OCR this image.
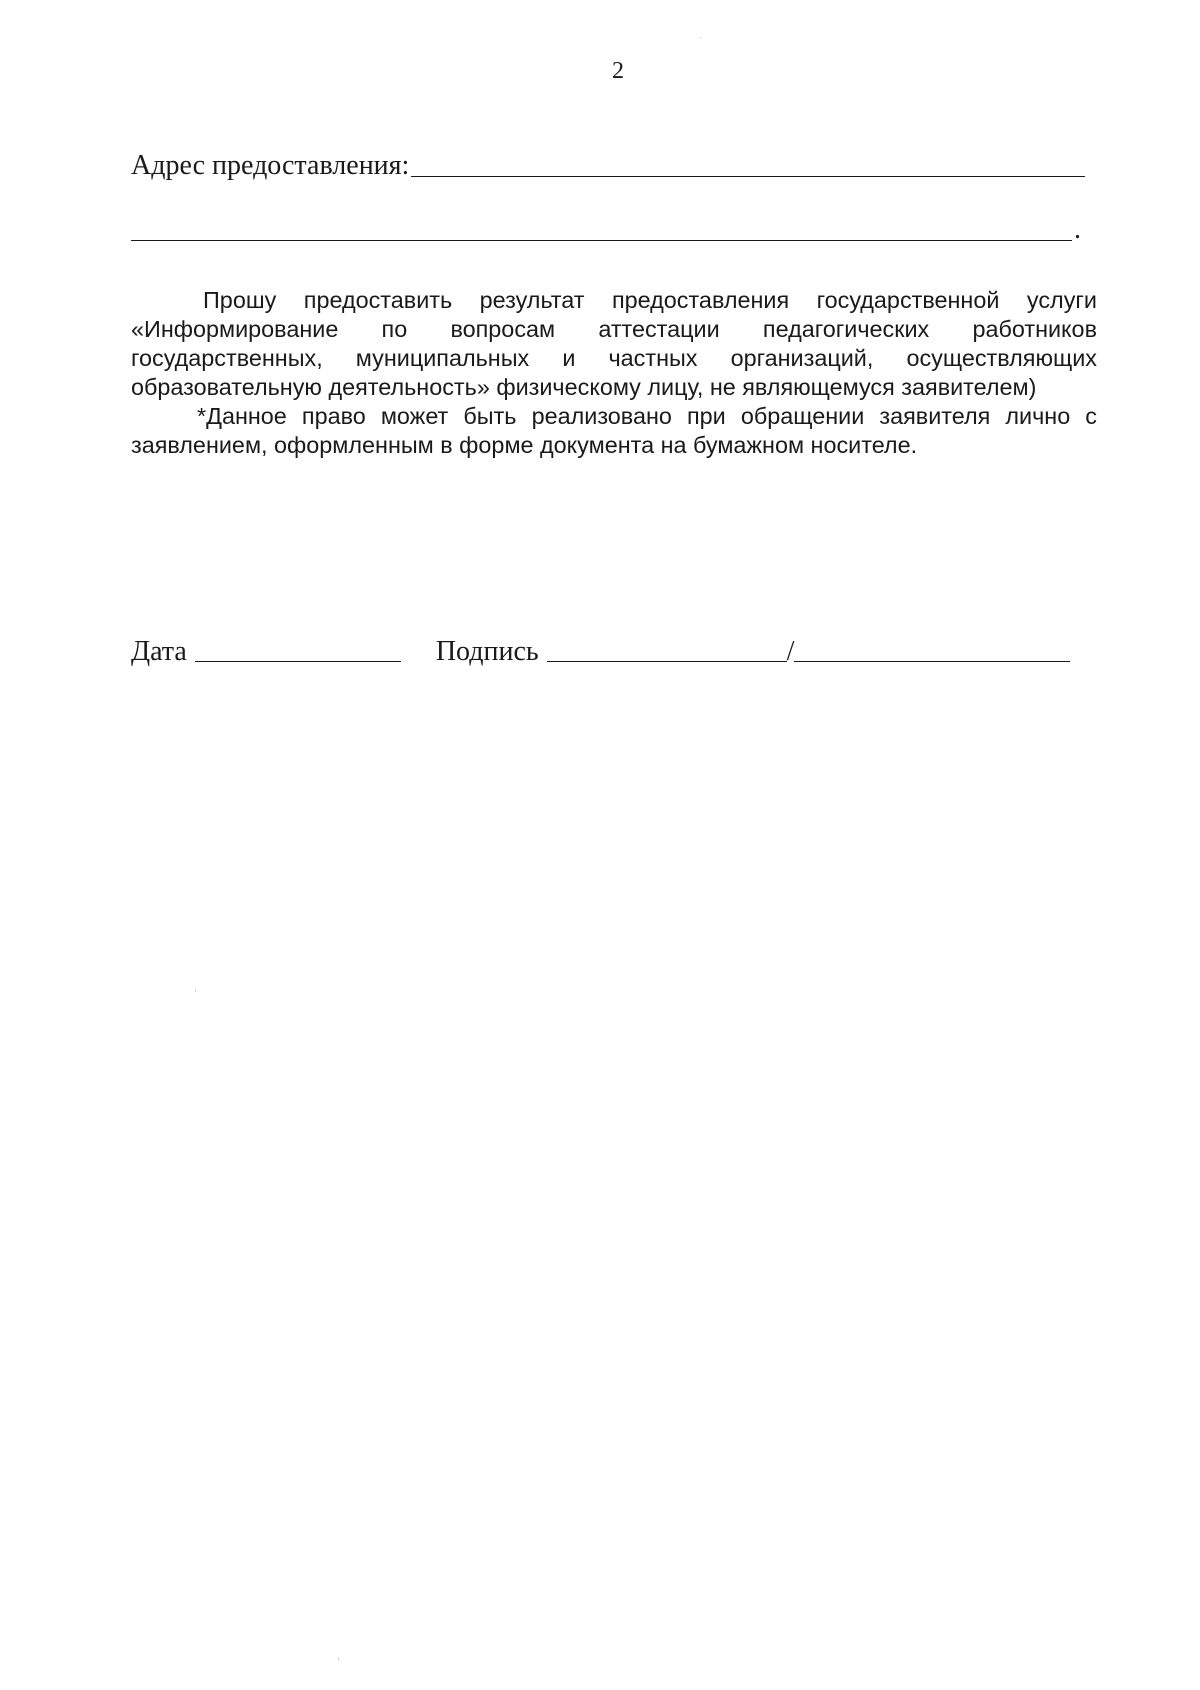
2
Адрес предоставления:
.

Прошу предоставить результат предоставления государственной услуги «Информирование по вопросам аттестации педагогических работников государственных, муниципальных и частных организаций, осуществляющих образовательную деятельность» физическому лицу, не являющемуся заявителем)

*Данное право может быть реализовано при обращении заявителя лично с заявлением, оформленным в форме документа на бумажном носителе.

Дата	Подпись	/
